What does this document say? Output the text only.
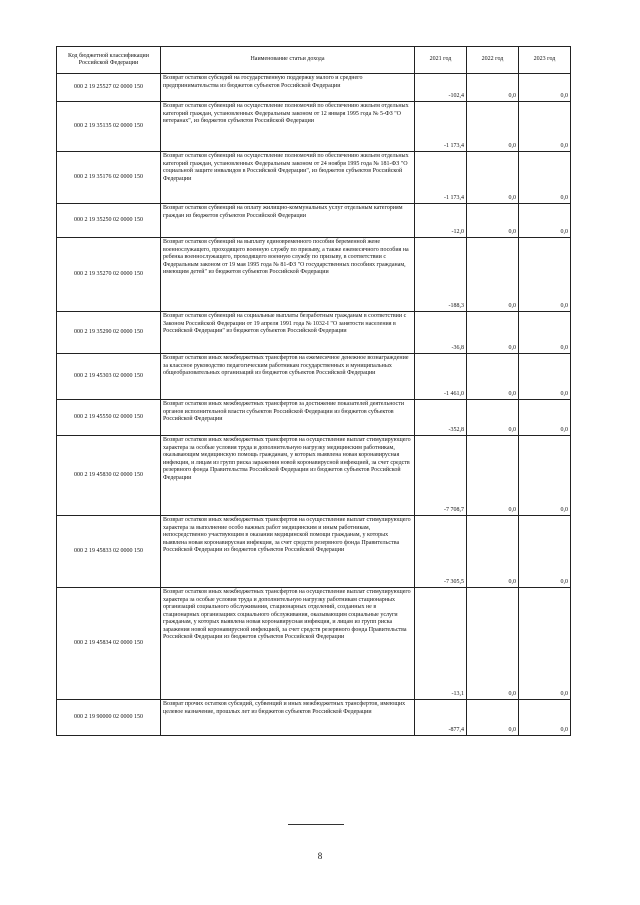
Код бюджетной классификации Российской Федерации	Наименование статьи дохода	2021 год	2022 год	2023 год
000 2 19 25527 02 0000 150	Возврат остатков субсидий на государственную поддержку малого и среднего предпринимательства из бюджетов субъектов Российской Федерации	-102,4	0,0	0,0
000 2 19 35135 02 0000 150	Возврат остатков субвенций на осуществление полномочий по обеспечению жильем отдельных категорий граждан, установленных Федеральным законом от 12 января 1995 года № 5-ФЗ "О ветеранах", из бюджетов субъектов Российской Федерации	-1 173,4	0,0	0,0
000 2 19 35176 02 0000 150	Возврат остатков субвенций на осуществление полномочий по обеспечению жильем отдельных категорий граждан, установленных Федеральным законом от 24 ноября 1995 года № 181-ФЗ "О социальной защите инвалидов в Российской Федерации", из бюджетов субъектов Российской Федерации	-1 173,4	0,0	0,0
000 2 19 35250 02 0000 150	Возврат остатков субвенций на оплату жилищно-коммунальных услуг отдельным категориям граждан из бюджетов субъектов Российской Федерации	-12,0	0,0	0,0
000 2 19 35270 02 0000 150	Возврат остатков субвенций на выплату единовременного пособия беременной жене военнослужащего, проходящего военную службу по призыву, а также ежемесячного пособия на ребенка военнослужащего, проходящего военную службу по призыву, в соответствии с Федеральным законом от 19 мая 1995 года № 81-ФЗ "О государственных пособиях гражданам, имеющим детей" из бюджетов субъектов Российской Федерации	-188,3	0,0	0,0
000 2 19 35290 02 0000 150	Возврат остатков субвенций на социальные выплаты безработным гражданам в соответствии с Законом Российской Федерации от 19 апреля 1991 года № 1032-I "О занятости населения в Российской Федерации" из бюджетов субъектов Российской Федерации	-36,8	0,0	0,0
000 2 19 45303 02 0000 150	Возврат остатков иных межбюджетных трансфертов на ежемесячное денежное вознаграждение за классное руководство педагогическим работникам государственных и муниципальных общеобразовательных организаций из бюджетов субъектов Российской Федерации	-1 461,0	0,0	0,0
000 2 19 45550 02 0000 150	Возврат остатков иных межбюджетных трансфертов за достижение показателей деятельности органов исполнительной власти субъектов Российской Федерации из бюджетов субъектов Российской Федерации	-352,8	0,0	0,0
000 2 19 45830 02 0000 150	Возврат остатков иных межбюджетных трансфертов на осуществление выплат стимулирующего характера за особые условия труда и дополнительную нагрузку медицинским работникам, оказывающим медицинскую помощь гражданам, у которых выявлена новая коронавирусная инфекция, и лицам из групп риска заражения новой коронавирусной инфекцией, за счет средств резервного фонда Правительства Российской Федерации из бюджетов субъектов Российской Федерации	-7 708,7	0,0	0,0
000 2 19 45833 02 0000 150	Возврат остатков иных межбюджетных трансфертов на осуществление выплат стимулирующего характера за выполнение особо важных работ медицинским и иным работникам, непосредственно участвующим в оказании медицинской помощи гражданам, у которых выявлена новая коронавирусная инфекция, за счет средств резервного фонда Правительства Российской Федерации из бюджетов субъектов Российской Федерации	-7 305,5	0,0	0,0
000 2 19 45834 02 0000 150	Возврат остатков иных межбюджетных трансфертов на осуществление выплат стимулирующего характера за особые условия труда и дополнительную нагрузку работникам стационарных организаций социального обслуживания, стационарных отделений, созданных не в стационарных организациях социального обслуживания, оказывающим социальные услуги гражданам, у которых выявлена новая коронавирусная инфекция, и лицам из групп риска заражения новой коронавирусной инфекцией, за счет средств резервного фонда Правительства Российской Федерации из бюджетов субъектов Российской Федерации	-13,1	0,0	0,0
000 2 19 90000 02 0000 150	Возврат прочих остатков субсидий, субвенций и иных межбюджетных трансфертов, имеющих целевое назначение, прошлых лет из бюджетов субъектов Российской Федерации	-877,4	0,0	0,0
8
